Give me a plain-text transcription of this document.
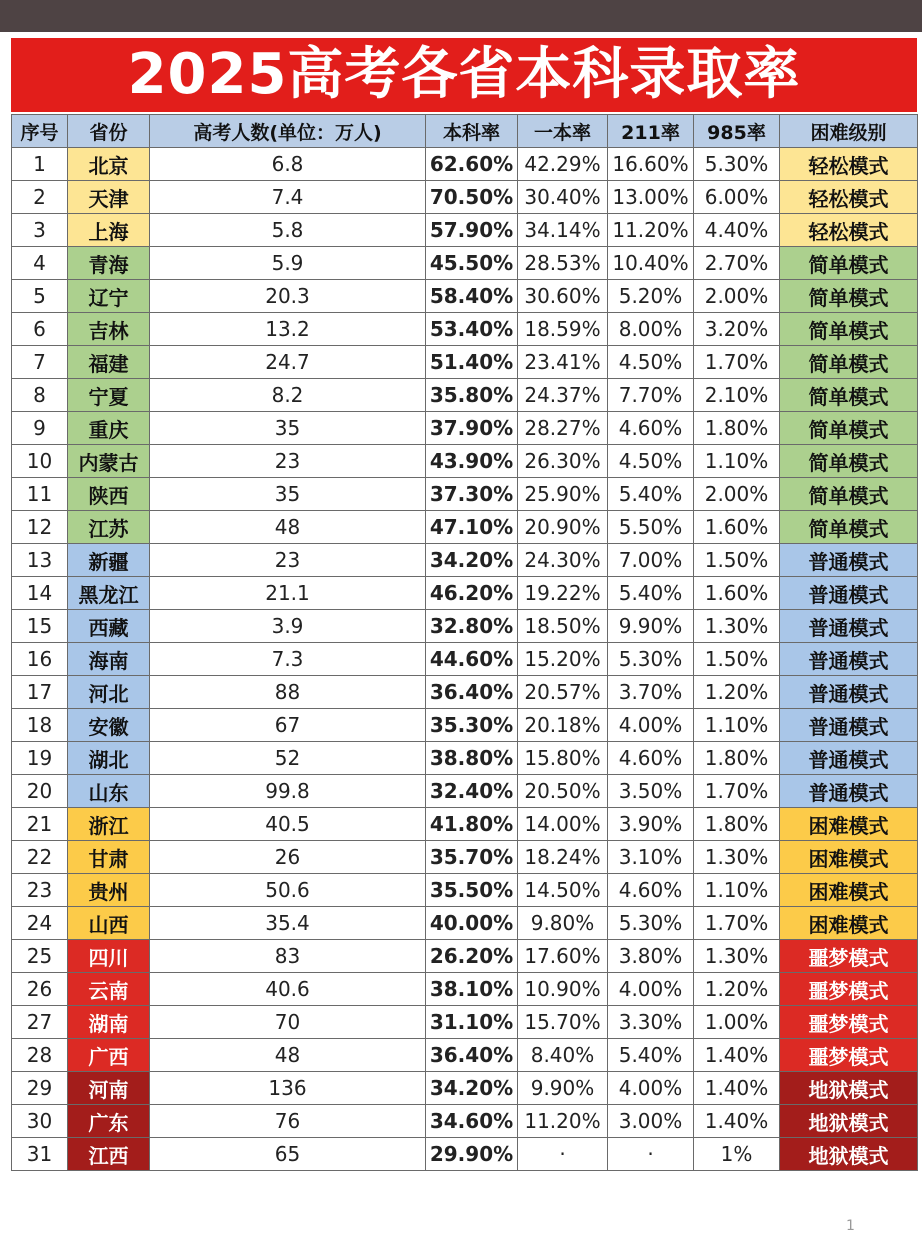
2025高考各省本科录取率
序号	省份	高考人数(单位：万人)	本科率	一本率	211率	985率	困难级别
1	北京	6.8	62.60%	42.29%	16.60%	5.30%	轻松模式
2	天津	7.4	70.50%	30.40%	13.00%	6.00%	轻松模式
3	上海	5.8	57.90%	34.14%	11.20%	4.40%	轻松模式
4	青海	5.9	45.50%	28.53%	10.40%	2.70%	简单模式
5	辽宁	20.3	58.40%	30.60%	5.20%	2.00%	简单模式
6	吉林	13.2	53.40%	18.59%	8.00%	3.20%	简单模式
7	福建	24.7	51.40%	23.41%	4.50%	1.70%	简单模式
8	宁夏	8.2	35.80%	24.37%	7.70%	2.10%	简单模式
9	重庆	35	37.90%	28.27%	4.60%	1.80%	简单模式
10	内蒙古	23	43.90%	26.30%	4.50%	1.10%	简单模式
11	陕西	35	37.30%	25.90%	5.40%	2.00%	简单模式
12	江苏	48	47.10%	20.90%	5.50%	1.60%	简单模式
13	新疆	23	34.20%	24.30%	7.00%	1.50%	普通模式
14	黑龙江	21.1	46.20%	19.22%	5.40%	1.60%	普通模式
15	西藏	3.9	32.80%	18.50%	9.90%	1.30%	普通模式
16	海南	7.3	44.60%	15.20%	5.30%	1.50%	普通模式
17	河北	88	36.40%	20.57%	3.70%	1.20%	普通模式
18	安徽	67	35.30%	20.18%	4.00%	1.10%	普通模式
19	湖北	52	38.80%	15.80%	4.60%	1.80%	普通模式
20	山东	99.8	32.40%	20.50%	3.50%	1.70%	普通模式
21	浙江	40.5	41.80%	14.00%	3.90%	1.80%	困难模式
22	甘肃	26	35.70%	18.24%	3.10%	1.30%	困难模式
23	贵州	50.6	35.50%	14.50%	4.60%	1.10%	困难模式
24	山西	35.4	40.00%	9.80%	5.30%	1.70%	困难模式
25	四川	83	26.20%	17.60%	3.80%	1.30%	噩梦模式
26	云南	40.6	38.10%	10.90%	4.00%	1.20%	噩梦模式
27	湖南	70	31.10%	15.70%	3.30%	1.00%	噩梦模式
28	广西	48	36.40%	8.40%	5.40%	1.40%	噩梦模式
29	河南	136	34.20%	9.90%	4.00%	1.40%	地狱模式
30	广东	76	34.60%	11.20%	3.00%	1.40%	地狱模式
31	江西	65	29.90%	·	·	1%	地狱模式
1
